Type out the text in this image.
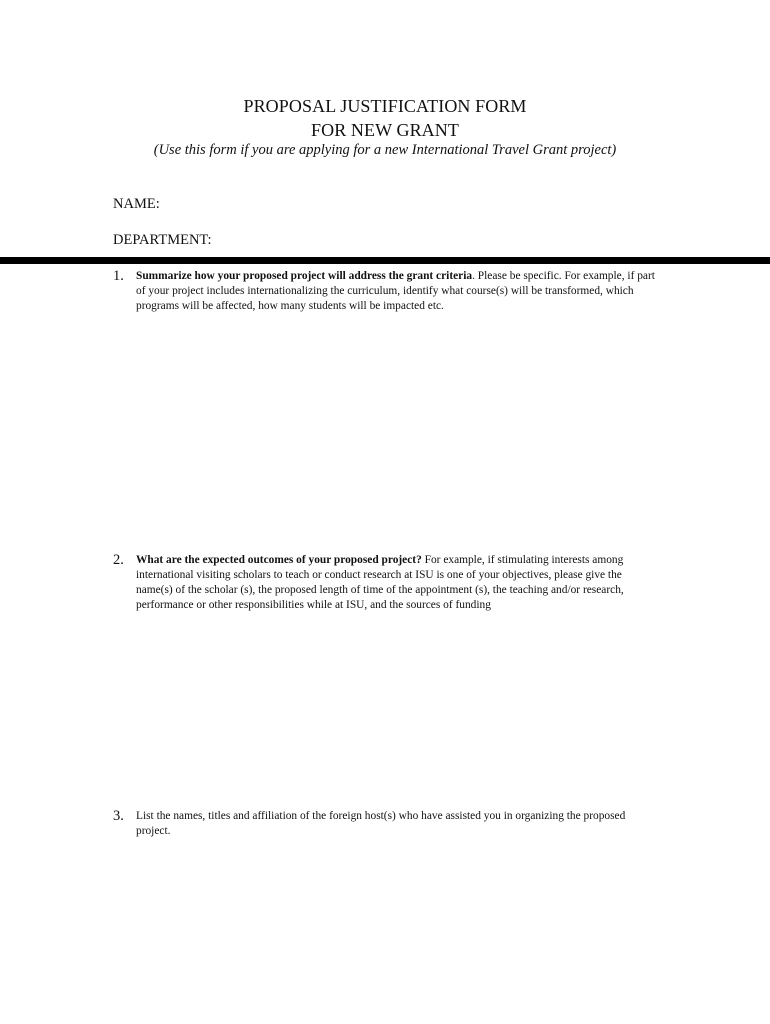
PROPOSAL JUSTIFICATION FORM
FOR NEW GRANT
(Use this form if you are applying for a new International Travel Grant project)
NAME:
DEPARTMENT:
1. Summarize how your proposed project will address the grant criteria. Please be specific. For example, if part of your project includes internationalizing the curriculum, identify what course(s) will be transformed, which programs will be affected, how many students will be impacted etc.
2. What are the expected outcomes of your proposed project? For example, if stimulating interests among international visiting scholars to teach or conduct research at ISU is one of your objectives, please give the name(s) of the scholar (s), the proposed length of time of the appointment (s), the teaching and/or research, performance or other responsibilities while at ISU, and the sources of funding
3. List the names, titles and affiliation of the foreign host(s) who have assisted you in organizing the proposed project.
